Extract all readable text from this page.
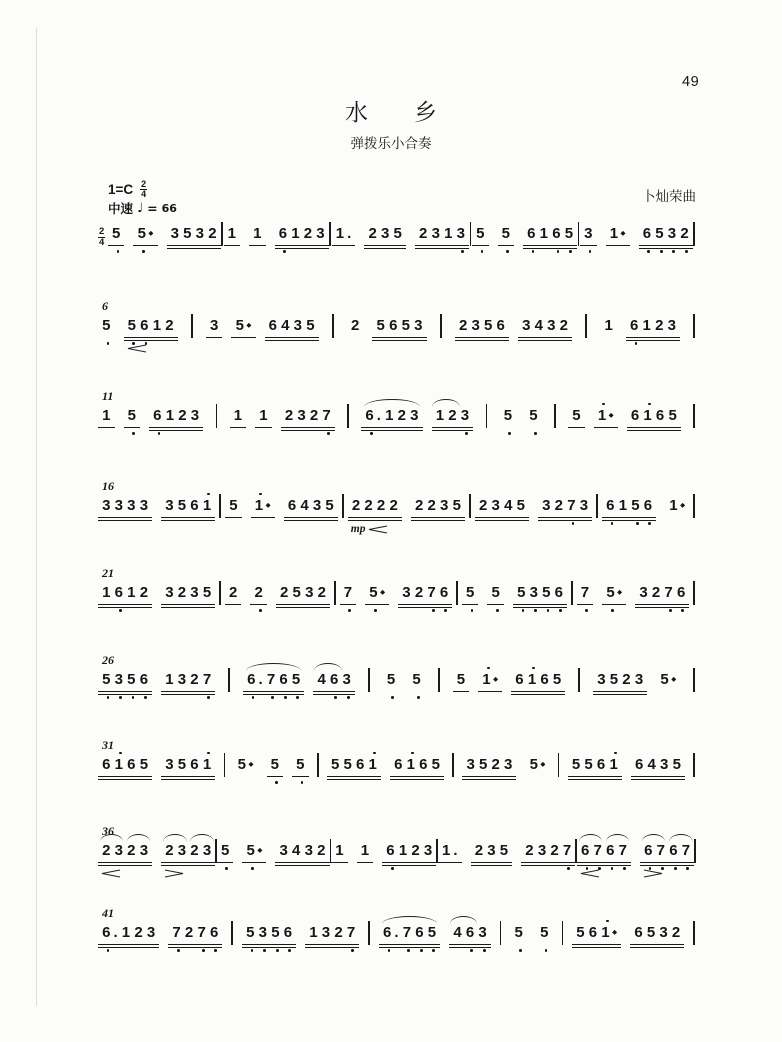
49
水乡
弹拨乐小合奏
$1=C \frac{2}{4}$
中速 ♩ = 66
卜灿荣曲
$\frac{2}{4} 5$ 5 ◆ 3 5 3 2 1 1 6 1 2 3 1 . 2 3 5 2 3 1 3 5 5 6 1 6 5 3 1 ◆ 6 5 3 2
6
5 5 6 1 2 3 5 ◆ 6 4 3 5 2 5 6 5 3 2 3 5 6 3 4 3 2 1 6 1 2 3
11
1 5 6 1 2 3 1 1 2 3 2 7 6 . 1 2 3 1 2 3 5 5 5 1 ◆ 6 1 6 5
16
3 3 3 3 3 5 6 1 5 1 ◆ 6 4 3 5 2 2 2 2
mp
2 2 3 5 2 3 4 5 3 2 7 3 6 1 5 6 1 ◆
21
1 6 1 2 3 2 3 5 2 2 2 5 3 2 7 5 ◆ 3 2 7 6 5 5 5 3 5 6 7 5 ◆ 3 2 7 6
26
5 3 5 6 1 3 2 7 6 . 7 6 5 4 6 3 5 5 5 1 ◆ 6 1 6 5 3 5 2 3 5 ◆
31
6 1 6 5 3 5 6 1 5 ◆ 5 5 5 5 6 1 6 1 6 5 3 5 2 3 5 ◆ 5 5 6 1 6 4 3 5
36
2 3 2 3 2 3 2 3 5 5 ◆ 3 4 3 2 1 1 6 1 2 3 1 . 2 3 5 2 3 2 7 6 7 6 7 6 7 6 7
41
6 . 1 2 3 7 2 7 6 5 3 5 6 1 3 2 7 6 . 7 6 5 4 6 3 5 5 5 6 1 ◆ 6 5 3 2
